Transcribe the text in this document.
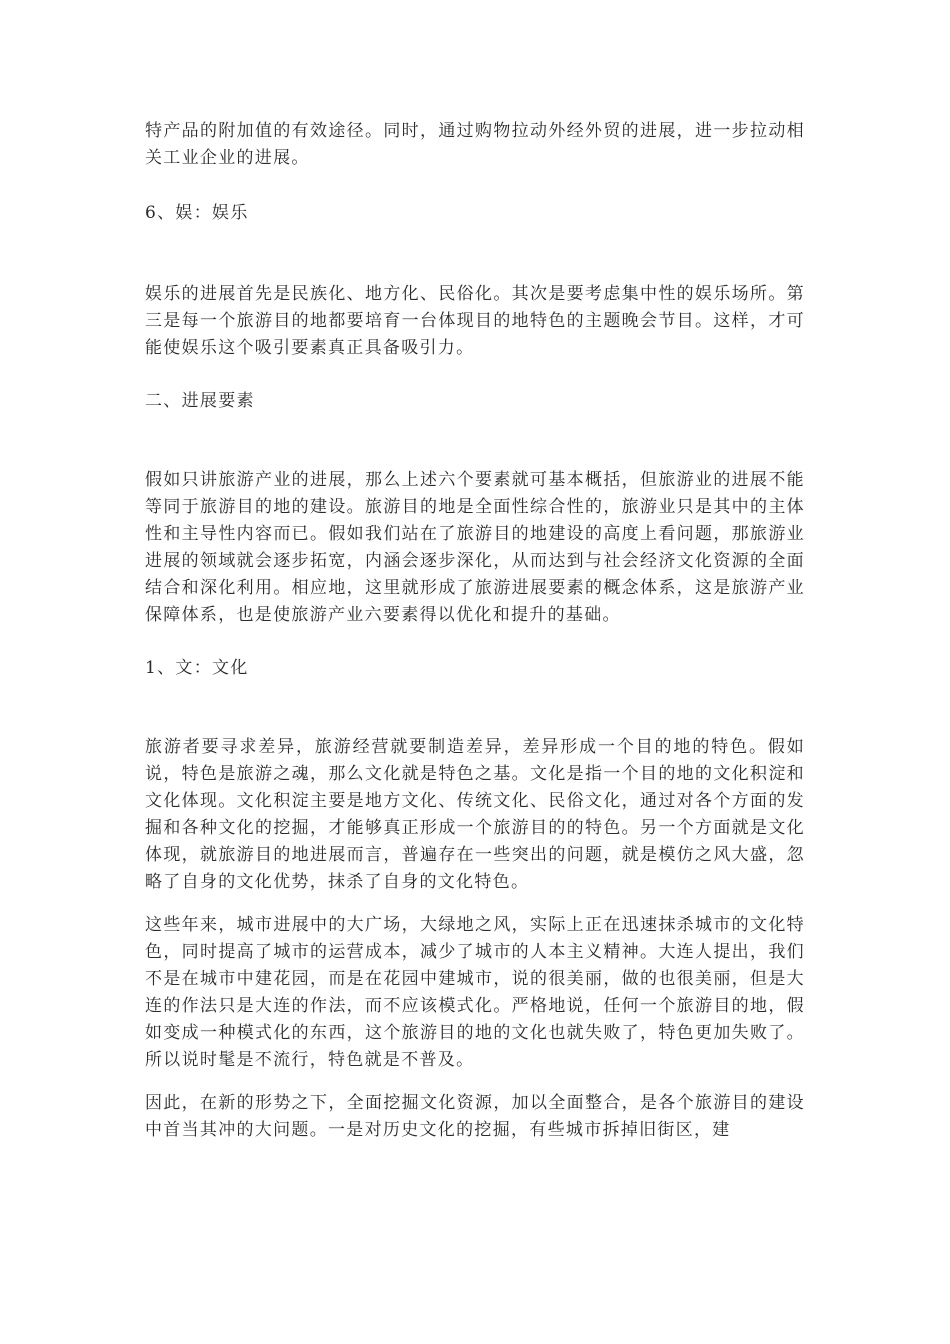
特产品的附加值的有效途径。同时，通过购物拉动外经外贸的进展，进一步拉动相关工业企业的进展。

6、娱：娱乐

娱乐的进展首先是民族化、地方化、民俗化。其次是要考虑集中性的娱乐场所。第三是每一个旅游目的地都要培育一台体现目的地特色的主题晚会节目。这样，才可能使娱乐这个吸引要素真正具备吸引力。

二、进展要素

假如只讲旅游产业的进展，那么上述六个要素就可基本概括，但旅游业的进展不能等同于旅游目的地的建设。旅游目的地是全面性综合性的，旅游业只是其中的主体性和主导性内容而已。假如我们站在了旅游目的地建设的高度上看问题，那旅游业进展的领域就会逐步拓宽，内涵会逐步深化，从而达到与社会经济文化资源的全面结合和深化利用。相应地，这里就形成了旅游进展要素的概念体系，这是旅游产业保障体系，也是使旅游产业六要素得以优化和提升的基础。

1、文：文化

旅游者要寻求差异，旅游经营就要制造差异，差异形成一个目的地的特色。假如说，特色是旅游之魂，那么文化就是特色之基。文化是指一个目的地的文化积淀和文化体现。文化积淀主要是地方文化、传统文化、民俗文化，通过对各个方面的发掘和各种文化的挖掘，才能够真正形成一个旅游目的的特色。另一个方面就是文化体现，就旅游目的地进展而言，普遍存在一些突出的问题，就是模仿之风大盛，忽略了自身的文化优势，抹杀了自身的文化特色。

这些年来，城市进展中的大广场，大绿地之风，实际上正在迅速抹杀城市的文化特色，同时提高了城市的运营成本，减少了城市的人本主义精神。大连人提出，我们不是在城市中建花园，而是在花园中建城市，说的很美丽，做的也很美丽，但是大连的作法只是大连的作法，而不应该模式化。严格地说，任何一个旅游目的地，假如变成一种模式化的东西，这个旅游目的地的文化也就失败了，特色更加失败了。所以说时髦是不流行，特色就是不普及。

因此，在新的形势之下，全面挖掘文化资源，加以全面整合，是各个旅游目的建设中首当其冲的大问题。一是对历史文化的挖掘，有些城市拆掉旧街区，建
